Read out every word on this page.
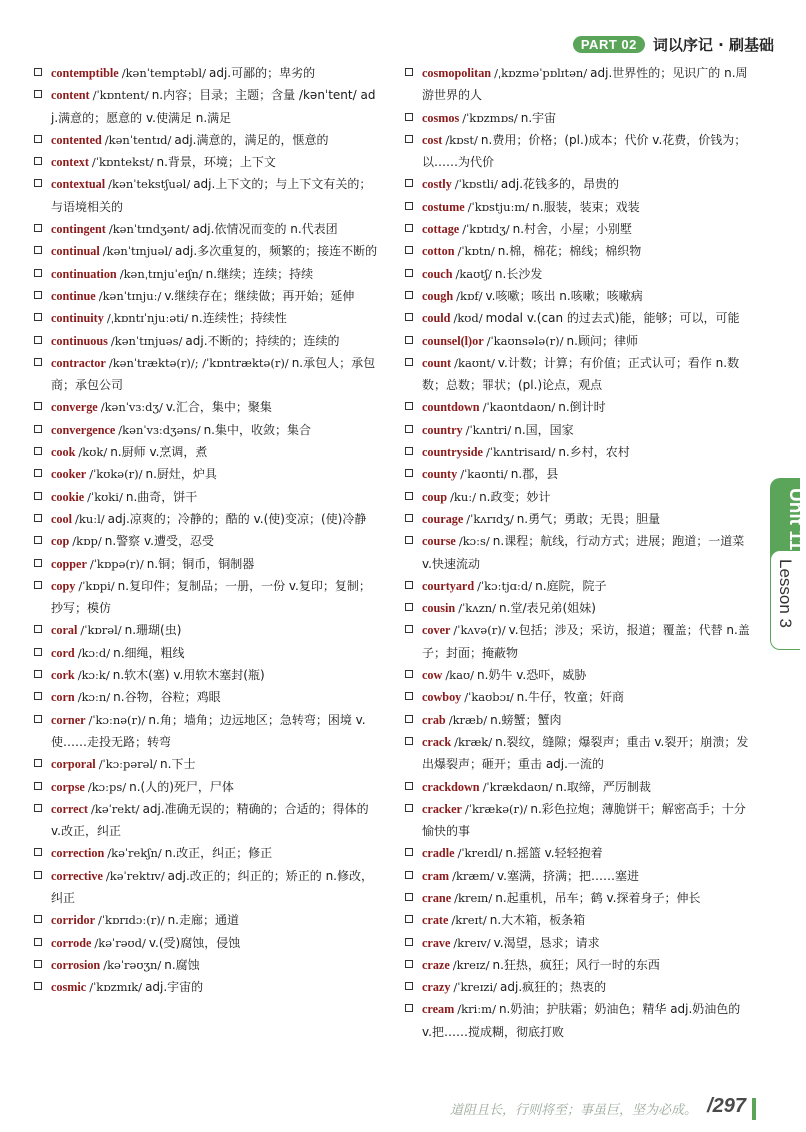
PART 02	词以序记 · 刷基础
contemptible /kənˈtemptəbl/ adj.可鄙的；卑劣的
content /ˈkɒntent/ n.内容；目录；主题；含量 /kənˈtent/ adj.满意的；愿意的 v.使满足 n.满足
contented /kənˈtentɪd/ adj.满意的，满足的，惬意的
context /ˈkɒntekst/ n.背景，环境；上下文
contextual /kənˈtekstʃuəl/ adj.上下文的；与上下文有关的；与语境相关的
contingent /kənˈtɪndʒənt/ adj.依情况而变的 n.代表团
continual /kənˈtɪnjuəl/ adj.多次重复的，频繁的；接连不断的
continuation /kənˌtɪnjuˈeɪʃn/ n.继续；连续；持续
continue /kənˈtɪnjuː/ v.继续存在；继续做；再开始；延伸
continuity /ˌkɒntɪˈnjuːəti/ n.连续性；持续性
continuous /kənˈtɪnjuəs/ adj.不断的；持续的；连续的
contractor /kənˈtræktə(r)/; /ˈkɒntræktə(r)/ n.承包人；承包商；承包公司
converge /kənˈvɜːdʒ/ v.汇合，集中；聚集
convergence /kənˈvɜːdʒəns/ n.集中，收敛；集合
cook /kʊk/ n.厨师 v.烹调，煮
cooker /ˈkʊkə(r)/ n.厨灶，炉具
cookie /ˈkʊki/ n.曲奇，饼干
cool /kuːl/ adj.凉爽的；冷静的；酷的 v.(使)变凉；(使)冷静
cop /kɒp/ n.警察 v.遭受，忍受
copper /ˈkɒpə(r)/ n.铜；铜币，铜制器
copy /ˈkɒpi/ n.复印件；复制品；一册，一份 v.复印；复制；抄写；模仿
coral /ˈkɒrəl/ n.珊瑚(虫)
cord /kɔːd/ n.细绳，粗线
cork /kɔːk/ n.软木(塞) v.用软木塞封(瓶)
corn /kɔːn/ n.谷物，谷粒；鸡眼
corner /ˈkɔːnə(r)/ n.角；墙角；边远地区；急转弯；困境 v.使……走投无路；转弯
corporal /ˈkɔːpərəl/ n.下士
corpse /kɔːps/ n.(人的)死尸，尸体
correct /kəˈrekt/ adj.准确无误的；精确的；合适的；得体的 v.改正，纠正
correction /kəˈrekʃn/ n.改正，纠正；修正
corrective /kəˈrektɪv/ adj.改正的；纠正的；矫正的 n.修改，纠正
corridor /ˈkɒrɪdɔː(r)/ n.走廊；通道
corrode /kəˈrəʊd/ v.(受)腐蚀，侵蚀
corrosion /kəˈrəʊʒn/ n.腐蚀
cosmic /ˈkɒzmɪk/ adj.宇宙的
cosmopolitan /ˌkɒzməˈpɒlɪtən/ adj.世界性的；见识广的 n.周游世界的人
cosmos /ˈkɒzmɒs/ n.宇宙
cost /kɒst/ n.费用；价格；(pl.)成本；代价 v.花费，价钱为；以……为代价
costly /ˈkɒstli/ adj.花钱多的，昂贵的
costume /ˈkɒstjuːm/ n.服装，装束；戏装
cottage /ˈkɒtɪdʒ/ n.村舍，小屋；小别墅
cotton /ˈkɒtn/ n.棉，棉花；棉线；棉织物
couch /kaʊtʃ/ n.长沙发
cough /kɒf/ v.咳嗽；咳出 n.咳嗽；咳嗽病
could /kʊd/ modal v.(can 的过去式)能，能够；可以，可能
counsel(l)or /ˈkaʊnsələ(r)/ n.顾问；律师
count /kaʊnt/ v.计数；计算；有价值；正式认可；看作 n.数数；总数；罪状；(pl.)论点，观点
countdown /ˈkaʊntdaʊn/ n.倒计时
country /ˈkʌntri/ n.国，国家
countryside /ˈkʌntrisaɪd/ n.乡村，农村
county /ˈkaʊnti/ n.郡，县
coup /kuː/ n.政变；妙计
courage /ˈkʌrɪdʒ/ n.勇气；勇敢；无畏；胆量
course /kɔːs/ n.课程；航线，行动方式；进展；跑道；一道菜 v.快速流动
courtyard /ˈkɔːtjɑːd/ n.庭院，院子
cousin /ˈkʌzn/ n.堂/表兄弟(姐妹)
cover /ˈkʌvə(r)/ v.包括；涉及；采访，报道；覆盖；代替 n.盖子；封面；掩蔽物
cow /kaʊ/ n.奶牛 v.恐吓，威胁
cowboy /ˈkaʊbɔɪ/ n.牛仔，牧童；奸商
crab /kræb/ n.螃蟹；蟹肉
crack /kræk/ n.裂纹，缝隙；爆裂声；重击 v.裂开；崩溃；发出爆裂声；砸开；重击 adj.一流的
crackdown /ˈkrækdaʊn/ n.取缔，严厉制裁
cracker /ˈkrækə(r)/ n.彩色拉炮；薄脆饼干；解密高手；十分愉快的事
cradle /ˈkreɪdl/ n.摇篮 v.轻轻抱着
cram /kræm/ v.塞满，挤满；把……塞进
crane /kreɪn/ n.起重机，吊车；鹤 v.探着身子；伸长
crate /kreɪt/ n.大木箱，板条箱
crave /kreɪv/ v.渴望，恳求；请求
craze /kreɪz/ n.狂热，疯狂；风行一时的东西
crazy /ˈkreɪzi/ adj.疯狂的；热衷的
cream /kriːm/ n.奶油；护肤霜；奶油色；精华 adj.奶油色的 v.把……搅成糊，彻底打败
Unit 11
Lesson 3
道阻且长，行则将至；事虽巨，坚为必成。 /297
